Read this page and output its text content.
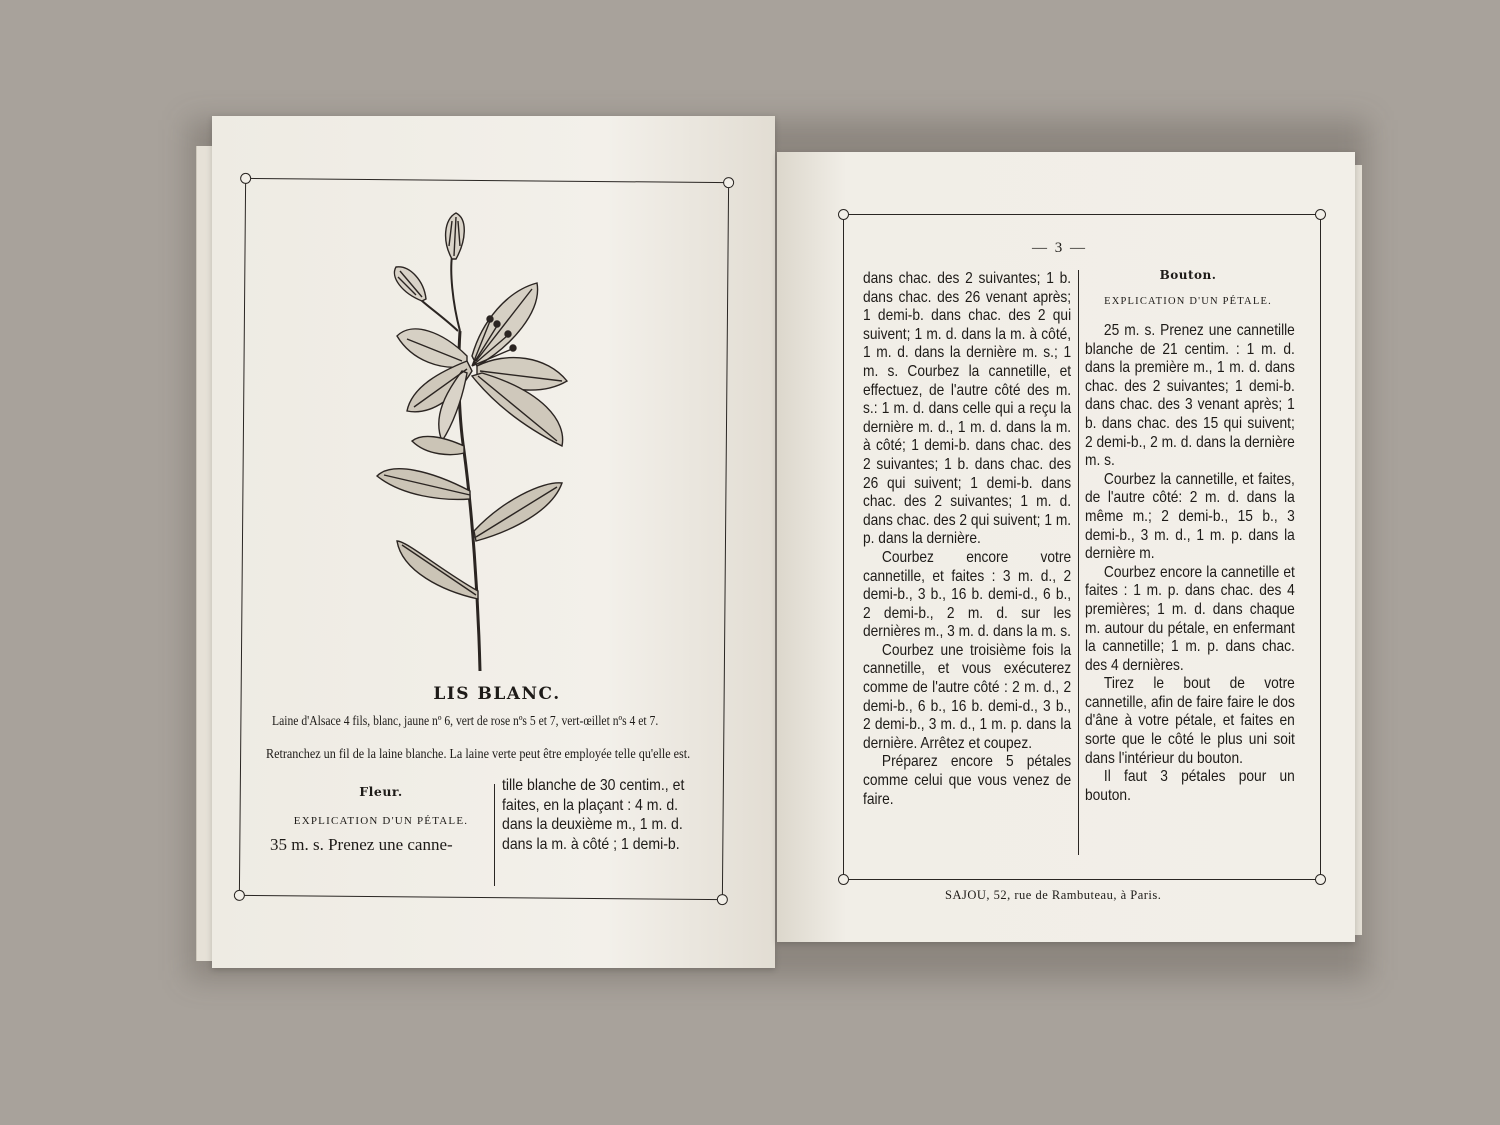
LIS BLANC.
Laine d'Alsace 4 fils, blanc, jaune nº 6, vert de rose nºs 5 et 7, vert-œillet nºs 4 et 7.
Retranchez un fil de la laine blanche. La laine verte peut être employée telle qu'elle est.
Fleur.
EXPLICATION D'UN PÉTALE.
35 m. s. Prenez une canne-
tille blanche de 30 centim., et
faites, en la plaçant : 4 m. d.
dans la deuxième m., 1 m. d.
dans la m. à côté ; 1 demi-b.
— 3 —

dans chac. des 2 suivantes; 1 b. dans chac. des 26 venant après; 1 demi-b. dans chac. des 2 qui suivent; 1 m. d. dans la m. à côté, 1 m. d. dans la dernière m. s.; 1 m. s. Courbez la cannetille, et effectuez, de l'autre côté des m. s.: 1 m. d. dans celle qui a reçu la dernière m. d., 1 m. d. dans la m. à côté; 1 demi-b. dans chac. des 2 suivantes; 1 b. dans chac. des 26 qui suivent; 1 demi-b. dans chac. des 2 suivantes; 1 m. d. dans chac. des 2 qui suivent; 1 m. p. dans la dernière.

Courbez encore votre cannetille, et faites : 3 m. d., 2 demi-b., 3 b., 16 b. demi-d., 6 b., 2 demi-b., 2 m. d. sur les dernières m., 3 m. d. dans la m. s.

Courbez une troisième fois la cannetille, et vous exécuterez comme de l'autre côté : 2 m. d., 2 demi-b., 6 b., 16 b. demi-d., 3 b., 2 demi-b., 3 m. d., 1 m. p. dans la dernière. Arrêtez et coupez.

Préparez encore 5 pétales comme celui que vous venez de faire.

Bouton.
EXPLICATION D'UN PÉTALE.

25 m. s. Prenez une cannetille blanche de 21 centim. : 1 m. d. dans la première m., 1 m. d. dans chac. des 2 suivantes; 1 demi-b. dans chac. des 3 venant après; 1 b. dans chac. des 15 qui suivent; 2 demi-b., 2 m. d. dans la dernière m. s.

Courbez la cannetille, et faites, de l'autre côté: 2 m. d. dans la même m.; 2 demi-b., 15 b., 3 demi-b., 3 m. d., 1 m. p. dans la dernière m.

Courbez encore la cannetille et faites : 1 m. p. dans chac. des 4 premières; 1 m. d. dans chaque m. autour du pétale, en enfermant la cannetille; 1 m. p. dans chac. des 4 dernières.

Tirez le bout de votre cannetille, afin de faire faire le dos d'âne à votre pétale, et faites en sorte que le côté le plus uni soit dans l'intérieur du bouton.

Il faut 3 pétales pour un bouton.

SAJOU, 52, rue de Rambuteau, à Paris.
